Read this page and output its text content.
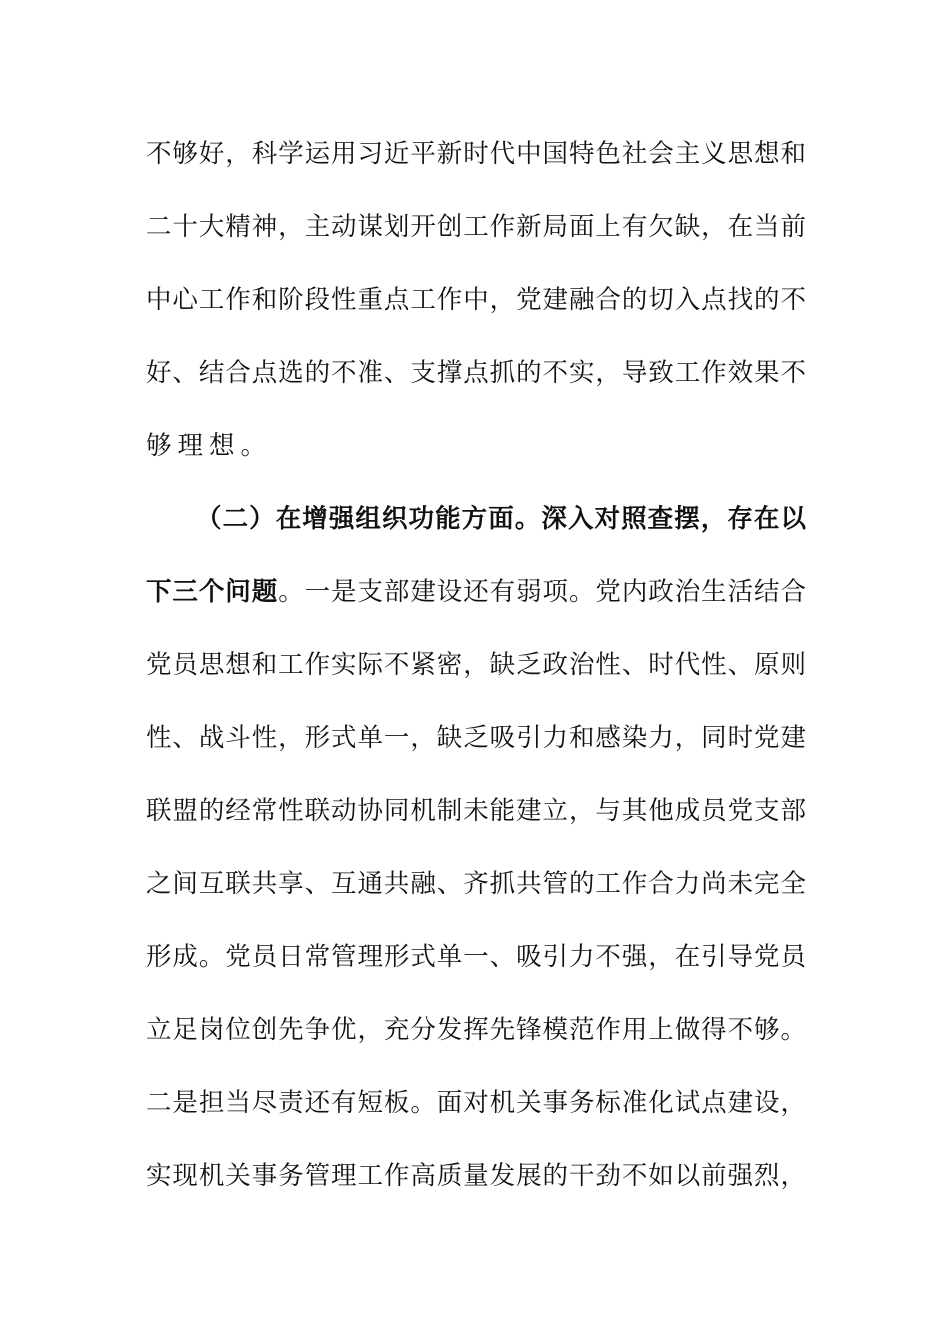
不够好，科学运用习近平新时代中国特色社会主义思想和
二十大精神，主动谋划开创工作新局面上有欠缺，在当前
中心工作和阶段性重点工作中，党建融合的切入点找的不
好、结合点选的不准、支撑点抓的不实，导致工作效果不
够理想。
（二）在增强组织功能方面。深入对照查摆，存在以
下三个问题。一是支部建设还有弱项。党内政治生活结合
党员思想和工作实际不紧密，缺乏政治性、时代性、原则
性、战斗性，形式单一，缺乏吸引力和感染力，同时党建
联盟的经常性联动协同机制未能建立，与其他成员党支部
之间互联共享、互通共融、齐抓共管的工作合力尚未完全
形成。党员日常管理形式单一、吸引力不强，在引导党员
立足岗位创先争优，充分发挥先锋模范作用上做得不够。
二是担当尽责还有短板。面对机关事务标准化试点建设，
实现机关事务管理工作高质量发展的干劲不如以前强烈，
